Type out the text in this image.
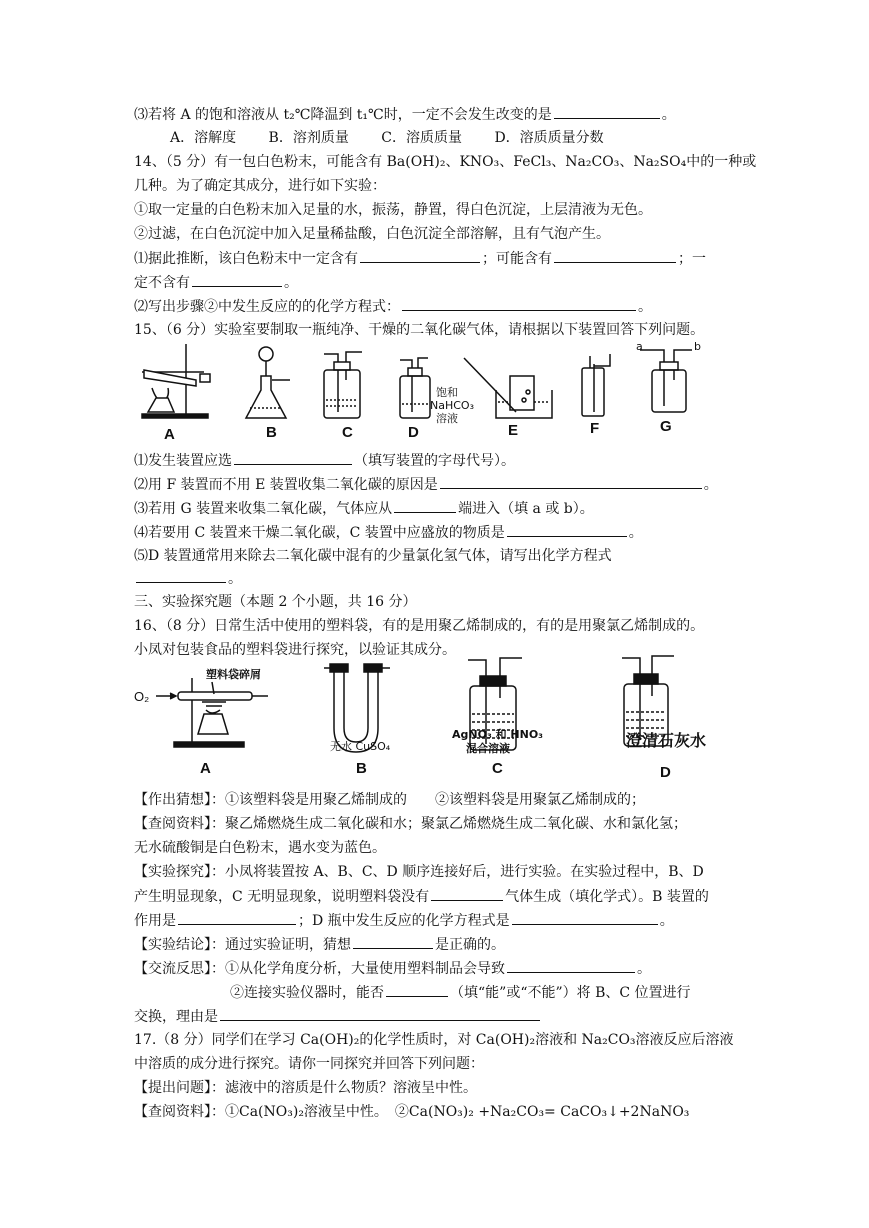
⑶若将 A 的饱和溶液从 t₂℃降温到 t₁℃时，一定不会发生改变的是	。
A．溶解度　　 B．溶剂质量　　 C．溶质质量　　 D．溶质质量分数
14、（5 分）有一包白色粉末，可能含有 Ba(OH)₂、KNO₃、FeCl₃、Na₂CO₃、Na₂SO₄中的一种或
几种。为了确定其成分，进行如下实验：
①取一定量的白色粉末加入足量的水，振荡，静置，得白色沉淀，上层清液为无色。
②过滤，在白色沉淀中加入足量稀盐酸，白色沉淀全部溶解，且有气泡产生。
⑴据此推断，该白色粉末中一定含有	；可能含有	；一
定不含有	。
⑵写出步骤②中发生反应的的化学方程式：	。
15、（6 分）实验室要制取一瓶纯净、干燥的二氧化碳气体，请根据以下装置回答下列问题。
A	B	C	D	E	F	G
饱和
NaHCO₃
溶液
a	b
⑴发生装置应选	（填写装置的字母代号）。
⑵用 F 装置而不用 E 装置收集二氧化碳的原因是	。
⑶若用 G 装置来收集二氧化碳，气体应从	端进入（填 a 或 b）。
⑷若要用 C 装置来干燥二氧化碳，C 装置中应盛放的物质是	。
⑸D 装置通常用来除去二氧化碳中混有的少量氯化氢气体，请写出化学方程式
。
三、实验探究题（本题 2 个小题，共 16 分）
16、（8 分）日常生活中使用的塑料袋，有的是用聚乙烯制成的，有的是用聚氯乙烯制成的。
小凤对包装食品的塑料袋进行探究，以验证其成分。
O₂
塑料袋碎屑
无水 CuSO₄
AgNO₃ 和 HNO₃
混合溶液	澄清石灰水
A	B	C	D
【作出猜想】：①该塑料袋是用聚乙烯制成的　　②该塑料袋是用聚氯乙烯制成的；
【查阅资料】：聚乙烯燃烧生成二氧化碳和水；聚氯乙烯燃烧生成二氧化碳、水和氯化氢；
无水硫酸铜是白色粉末，遇水变为蓝色。
【实验探究】：小凤将装置按 A、B、C、D 顺序连接好后，进行实验。在实验过程中，B、D
产生明显现象，C 无明显现象，说明塑料袋没有	气体生成（填化学式）。B 装置的
作用是	；D 瓶中发生反应的化学方程式是	。
【实验结论】：通过实验证明，猜想	是正确的。
【交流反思】：①从化学角度分析，大量使用塑料制品会导致	。
②连接实验仪器时，能否	（填“能”或“不能”）将 B、C 位置进行
交换，理由是
17.（8 分）同学们在学习 Ca(OH)₂的化学性质时，对 Ca(OH)₂溶液和 Na₂CO₃溶液反应后溶液
中溶质的成分进行探究。请你一同探究并回答下列问题：
【提出问题】：滤液中的溶质是什么物质？溶液呈中性。
【查阅资料】：①Ca(NO₃)₂溶液呈中性。　②Ca(NO₃)₂ +Na₂CO₃= CaCO₃↓+2NaNO₃
